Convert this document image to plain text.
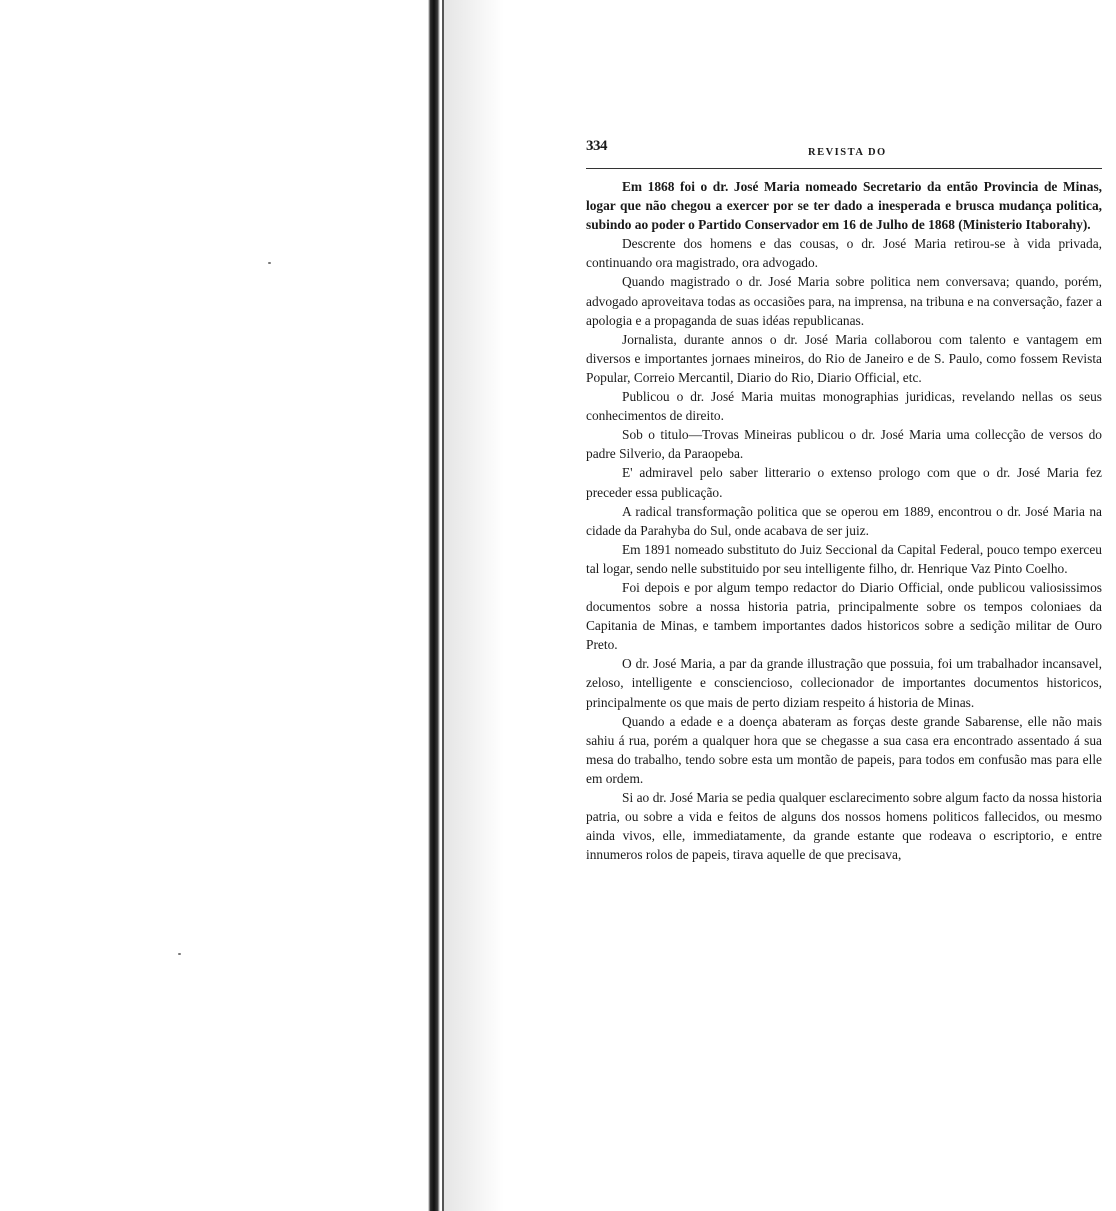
334	REVISTA DO

Em 1868 foi o dr. José Maria nomeado Secretario da então Provincia de Minas, logar que não chegou a exercer por se ter dado a inesperada e brusca mudança politica, subindo ao poder o Partido Conservador em 16 de Julho de 1868 (Ministerio Itaborahy).

Descrente dos homens e das cousas, o dr. José Maria retirou-se à vida privada, continuando ora magistrado, ora advogado.

Quando magistrado o dr. José Maria sobre politica nem conversava; quando, porém, advogado aproveitava todas as occasiões para, na imprensa, na tribuna e na conversação, fazer a apologia e a propaganda de suas idéas republicanas.

Jornalista, durante annos o dr. José Maria collaborou com talento e vantagem em diversos e importantes jornaes mineiros, do Rio de Janeiro e de S. Paulo, como fossem Revista Popular, Correio Mercantil, Diario do Rio, Diario Official, etc.

Publicou o dr. José Maria muitas monographias juridicas, revelando nellas os seus conhecimentos de direito.

Sob o titulo—Trovas Mineiras publicou o dr. José Maria uma collecção de versos do padre Silverio, da Paraopeba.

E' admiravel pelo saber litterario o extenso prologo com que o dr. José Maria fez preceder essa publicação.

A radical transformação politica que se operou em 1889, encontrou o dr. José Maria na cidade da Parahyba do Sul, onde acabava de ser juiz.

Em 1891 nomeado substituto do Juiz Seccional da Capital Federal, pouco tempo exerceu tal logar, sendo nelle substituido por seu intelligente filho, dr. Henrique Vaz Pinto Coelho.

Foi depois e por algum tempo redactor do Diario Official, onde publicou valiosissimos documentos sobre a nossa historia patria, principalmente sobre os tempos coloniaes da Capitania de Minas, e tambem importantes dados historicos sobre a sedição militar de Ouro Preto.

O dr. José Maria, a par da grande illustração que possuia, foi um trabalhador incansavel, zeloso, intelligente e consciencioso, collecionador de importantes documentos historicos, principalmente os que mais de perto diziam respeito á historia de Minas.

Quando a edade e a doença abateram as forças deste grande Sabarense, elle não mais sahiu á rua, porém a qualquer hora que se chegasse a sua casa era encontrado assentado á sua mesa do trabalho, tendo sobre esta um montão de papeis, para todos em confusão mas para elle em ordem.

Si ao dr. José Maria se pedia qualquer esclarecimento sobre algum facto da nossa historia patria, ou sobre a vida e feitos de alguns dos nossos homens politicos fallecidos, ou mesmo ainda vivos, elle, immediatamente, da grande estante que rodeava o escriptorio, e entre innumeros rolos de papeis, tirava aquelle de que precisava,
